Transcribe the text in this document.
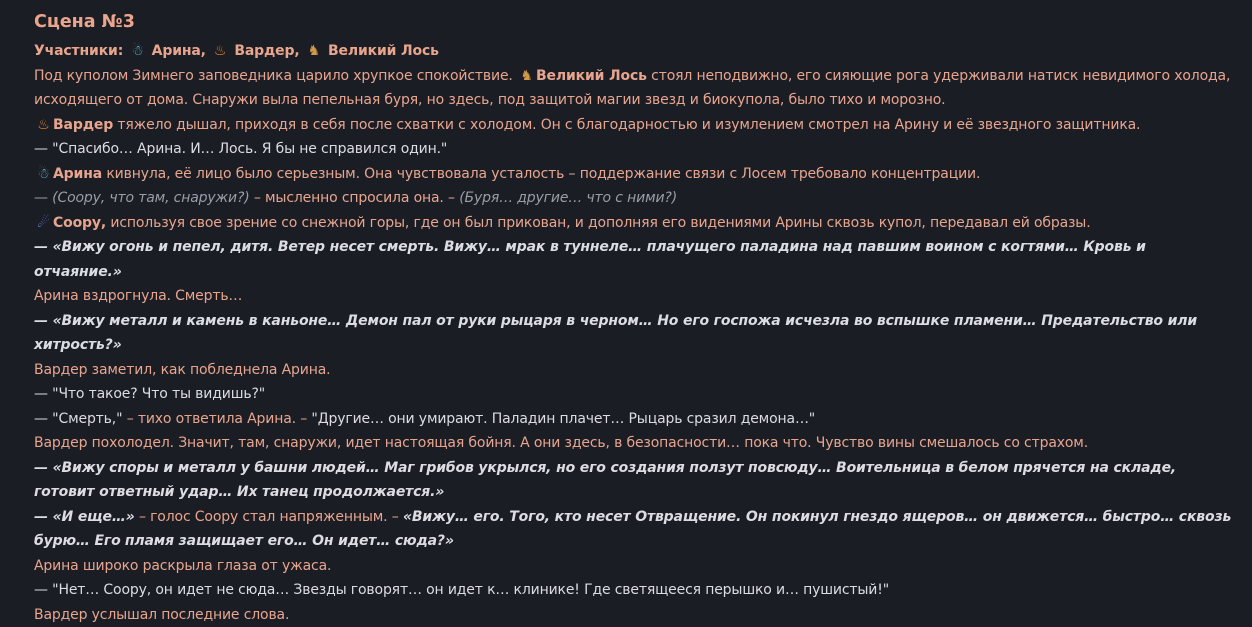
Сцена №3
Участники: ☃ Арина, ♨ Вардер, ♞ Великий Лось
Под куполом Зимнего заповедника царило хрупкое спокойствие. ♞ Великий Лось стоял неподвижно, его сияющие рога удерживали натиск невидимого холода, исходящего от дома. Снаружи выла пепельная буря, но здесь, под защитой магии звезд и биокупола, было тихо и морозно.
♨ Вардер тяжело дышал, приходя в себя после схватки с холодом. Он с благодарностью и изумлением смотрел на Арину и её звездного защитника.
— "Спасибо… Арина. И… Лось. Я бы не справился один."
☃ Арина кивнула, её лицо было серьезным. Она чувствовала усталость – поддержание связи с Лосем требовало концентрации.
— (Соору, что там, снаружи?) – мысленно спросила она. – (Буря… другие… что с ними?)
☄ Соору, используя свое зрение со снежной горы, где он был прикован, и дополняя его видениями Арины сквозь купол, передавал ей образы.
— «Вижу огонь и пепел, дитя. Ветер несет смерть. Вижу… мрак в туннеле… плачущего паладина над павшим воином с когтями… Кровь и отчаяние.»
Арина вздрогнула. Смерть…
— «Вижу металл и камень в каньоне… Демон пал от руки рыцаря в черном… Но его госпожа исчезла во вспышке пламени… Предательство или хитрость?»
Вардер заметил, как побледнела Арина.
— "Что такое? Что ты видишь?"
— "Смерть," – тихо ответила Арина. – "Другие… они умирают. Паладин плачет… Рыцарь сразил демона…"
Вардер похолодел. Значит, там, снаружи, идет настоящая бойня. А они здесь, в безопасности… пока что. Чувство вины смешалось со страхом.
— «Вижу споры и металл у башни людей… Маг грибов укрылся, но его создания ползут повсюду… Воительница в белом прячется на складе, готовит ответный удар… Их танец продолжается.»
— «И еще…» – голос Соору стал напряженным. – «Вижу… его. Того, кто несет Отвращение. Он покинул гнездо ящеров… он движется… быстро… сквозь бурю… Его пламя защищает его… Он идет… сюда?»
Арина широко раскрыла глаза от ужаса.
— "Нет… Соору, он идет не сюда… Звезды говорят… он идет к… клинике! Где светящееся перышко и… пушистый!"
Вардер услышал последние слова.
